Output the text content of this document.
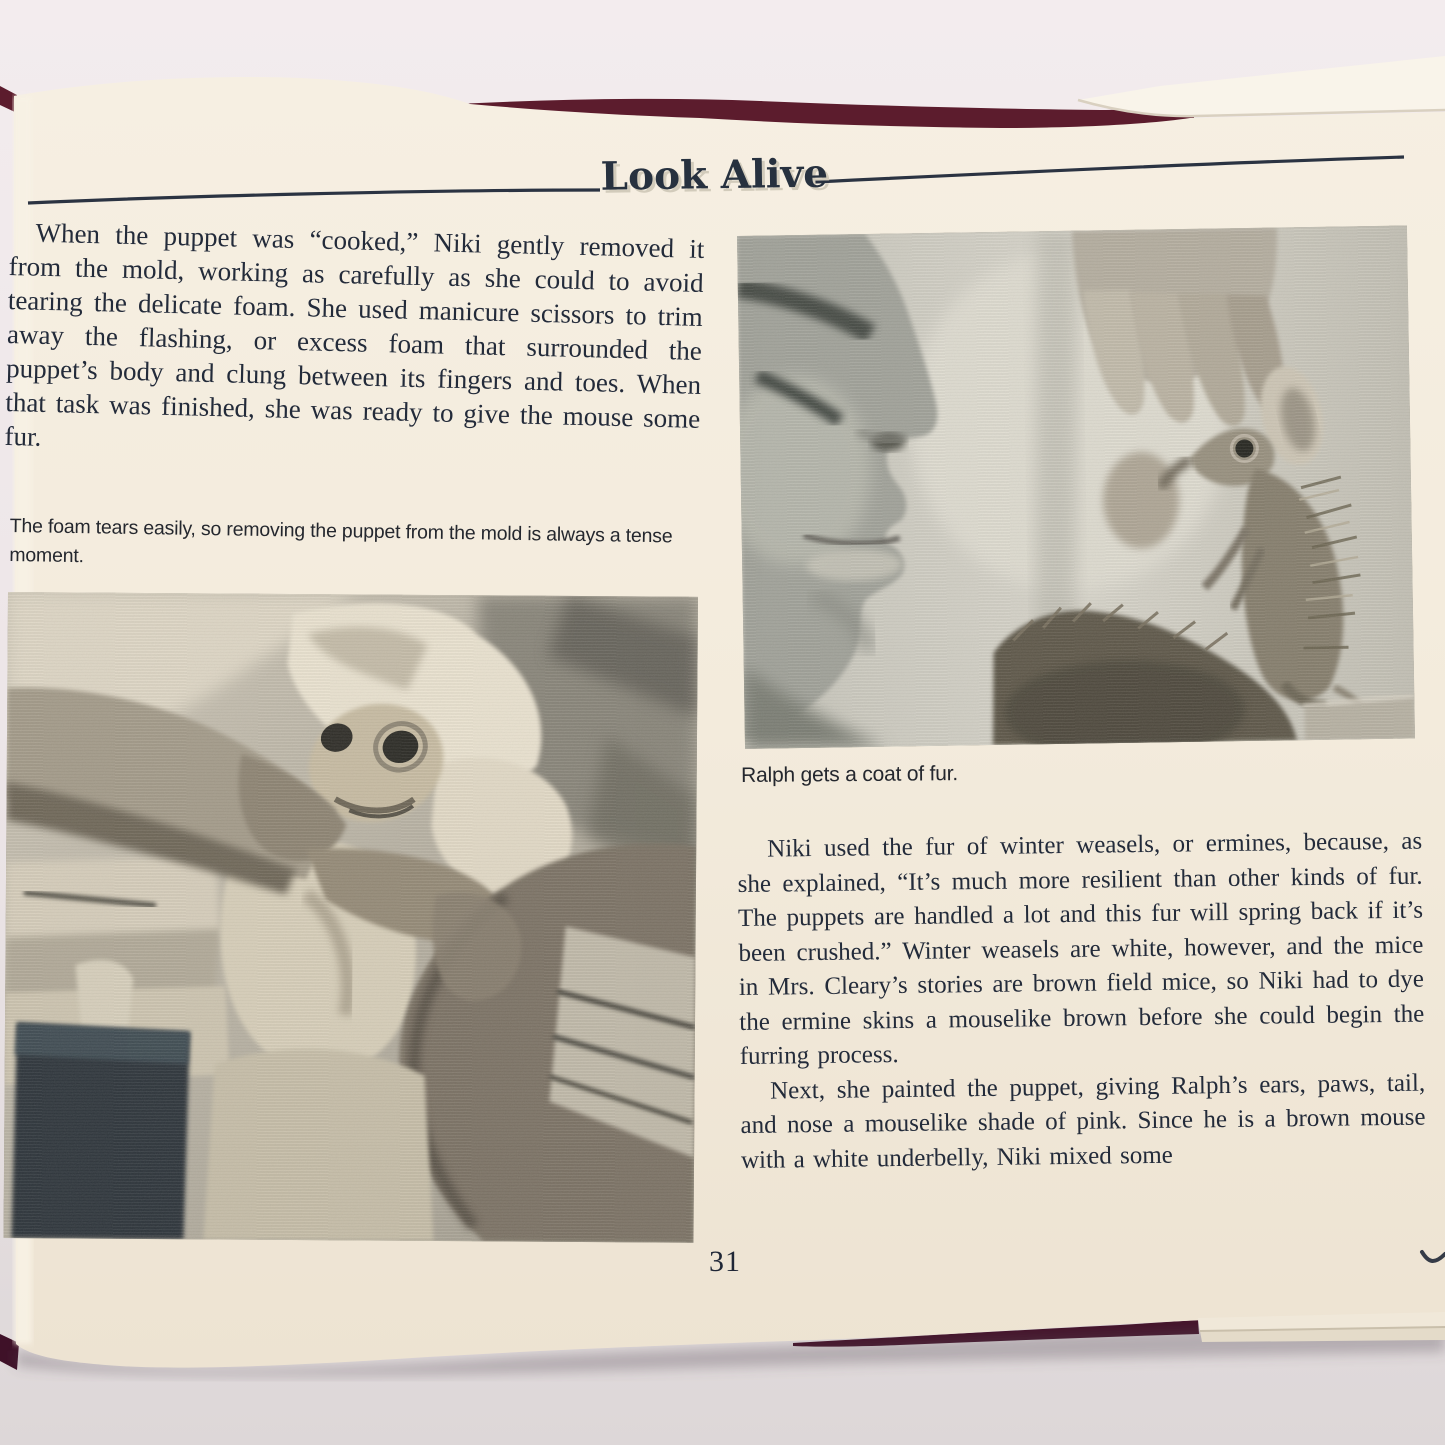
Look Alive
When the puppet was “cooked,” Niki gently removed it from the mold, working as carefully as she could to avoid tearing the delicate foam. She used manicure scissors to trim away the flashing, or excess foam that surrounded the puppet’s body and clung between its fingers and toes. When that task was finished, she was ready to give the mouse some fur.
The foam tears easily, so removing the puppet from the mold is always a tense moment.
Ralph gets a coat of fur.

Niki used the fur of winter weasels, or ermines, because, as she explained, “It’s much more resilient than other kinds of fur. The puppets are handled a lot and this fur will spring back if it’s been crushed.” Winter weasels are white, however, and the mice in Mrs. Cleary’s stories are brown field mice, so Niki had to dye the ermine skins a mouselike brown before she could begin the furring process.

Next, she painted the puppet, giving Ralph’s ears, paws, tail, and nose a mouselike shade of pink. Since he is a brown mouse with a white underbelly, Niki mixed some

31
